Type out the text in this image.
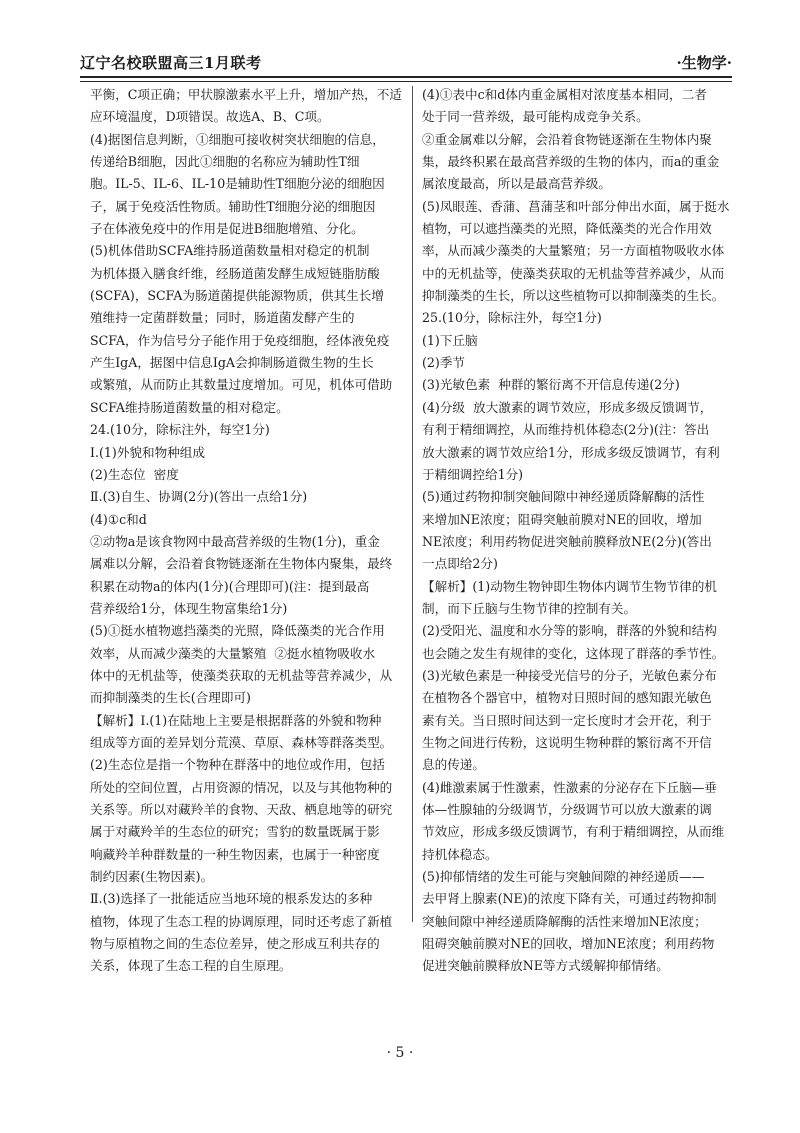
辽宁名校联盟高三1月联考	·生物学·
平衡，C项正确；甲状腺激素水平上升，增加产热，不适
应环境温度，D项错误。故选A、B、C项。
(4)据图信息判断，①细胞可接收树突状细胞的信息，
传递给B细胞，因此①细胞的名称应为辅助性T细
胞。IL-5、IL-6、IL-10是辅助性T细胞分泌的细胞因
子，属于免疫活性物质。辅助性T细胞分泌的细胞因
子在体液免疫中的作用是促进B细胞增殖、分化。
(5)机体借助SCFA维持肠道菌数量相对稳定的机制
为机体摄入膳食纤维，经肠道菌发酵生成短链脂肪酸
(SCFA)，SCFA为肠道菌提供能源物质，供其生长增
殖维持一定菌群数量；同时，肠道菌发酵产生的
SCFA，作为信号分子能作用于免疫细胞，经体液免疫
产生IgA，据图中信息IgA会抑制肠道微生物的生长
或繁殖，从而防止其数量过度增加。可见，机体可借助
SCFA维持肠道菌数量的相对稳定。
24.(10分，除标注外，每空1分)
Ⅰ.(1)外貌和物种组成
(2)生态位  密度
Ⅱ.(3)自生、协调(2分)(答出一点给1分)
(4)①c和d
②动物a是该食物网中最高营养级的生物(1分)，重金
属难以分解，会沿着食物链逐渐在生物体内聚集，最终
积累在动物a的体内(1分)(合理即可)(注：提到最高
营养级给1分，体现生物富集给1分)
(5)①挺水植物遮挡藻类的光照，降低藻类的光合作用
效率，从而减少藻类的大量繁殖  ②挺水植物吸收水
体中的无机盐等，使藻类获取的无机盐等营养减少，从
而抑制藻类的生长(合理即可)
【解析】Ⅰ.(1)在陆地上主要是根据群落的外貌和物种
组成等方面的差异划分荒漠、草原、森林等群落类型。
(2)生态位是指一个物种在群落中的地位或作用，包括
所处的空间位置，占用资源的情况，以及与其他物种的
关系等。所以对藏羚羊的食物、天敌、栖息地等的研究
属于对藏羚羊的生态位的研究；雪豹的数量既属于影
响藏羚羊种群数量的一种生物因素，也属于一种密度
制约因素(生物因素)。
Ⅱ.(3)选择了一批能适应当地环境的根系发达的多种
植物，体现了生态工程的协调原理，同时还考虑了新植
物与原植物之间的生态位差异，使之形成互利共存的
关系，体现了生态工程的自生原理。
(4)①表中c和d体内重金属相对浓度基本相同，二者
处于同一营养级，最可能构成竞争关系。
②重金属难以分解，会沿着食物链逐渐在生物体内聚
集，最终积累在最高营养级的生物的体内，而a的重金
属浓度最高，所以是最高营养级。
(5)凤眼莲、香蒲、菖蒲茎和叶部分伸出水面，属于挺水
植物，可以遮挡藻类的光照，降低藻类的光合作用效
率，从而减少藻类的大量繁殖；另一方面植物吸收水体
中的无机盐等，使藻类获取的无机盐等营养减少，从而
抑制藻类的生长，所以这些植物可以抑制藻类的生长。
25.(10分，除标注外，每空1分)
(1)下丘脑
(2)季节
(3)光敏色素  种群的繁衍离不开信息传递(2分)
(4)分级  放大激素的调节效应，形成多级反馈调节，
有利于精细调控，从而维持机体稳态(2分)(注：答出
放大激素的调节效应给1分，形成多级反馈调节，有利
于精细调控给1分)
(5)通过药物抑制突触间隙中神经递质降解酶的活性
来增加NE浓度；阻碍突触前膜对NE的回收，增加
NE浓度；利用药物促进突触前膜释放NE(2分)(答出
一点即给2分)
【解析】(1)动物生物钟即生物体内调节生物节律的机
制，而下丘脑与生物节律的控制有关。
(2)受阳光、温度和水分等的影响，群落的外貌和结构
也会随之发生有规律的变化，这体现了群落的季节性。
(3)光敏色素是一种接受光信号的分子，光敏色素分布
在植物各个器官中，植物对日照时间的感知跟光敏色
素有关。当日照时间达到一定长度时才会开花，利于
生物之间进行传粉，这说明生物种群的繁衍离不开信
息的传递。
(4)雌激素属于性激素，性激素的分泌存在下丘脑—垂
体—性腺轴的分级调节，分级调节可以放大激素的调
节效应，形成多级反馈调节，有利于精细调控，从而维
持机体稳态。
(5)抑郁情绪的发生可能与突触间隙的神经递质——
去甲肾上腺素(NE)的浓度下降有关，可通过药物抑制
突触间隙中神经递质降解酶的活性来增加NE浓度；
阻碍突触前膜对NE的回收，增加NE浓度；利用药物
促进突触前膜释放NE等方式缓解抑郁情绪。
· 5 ·
